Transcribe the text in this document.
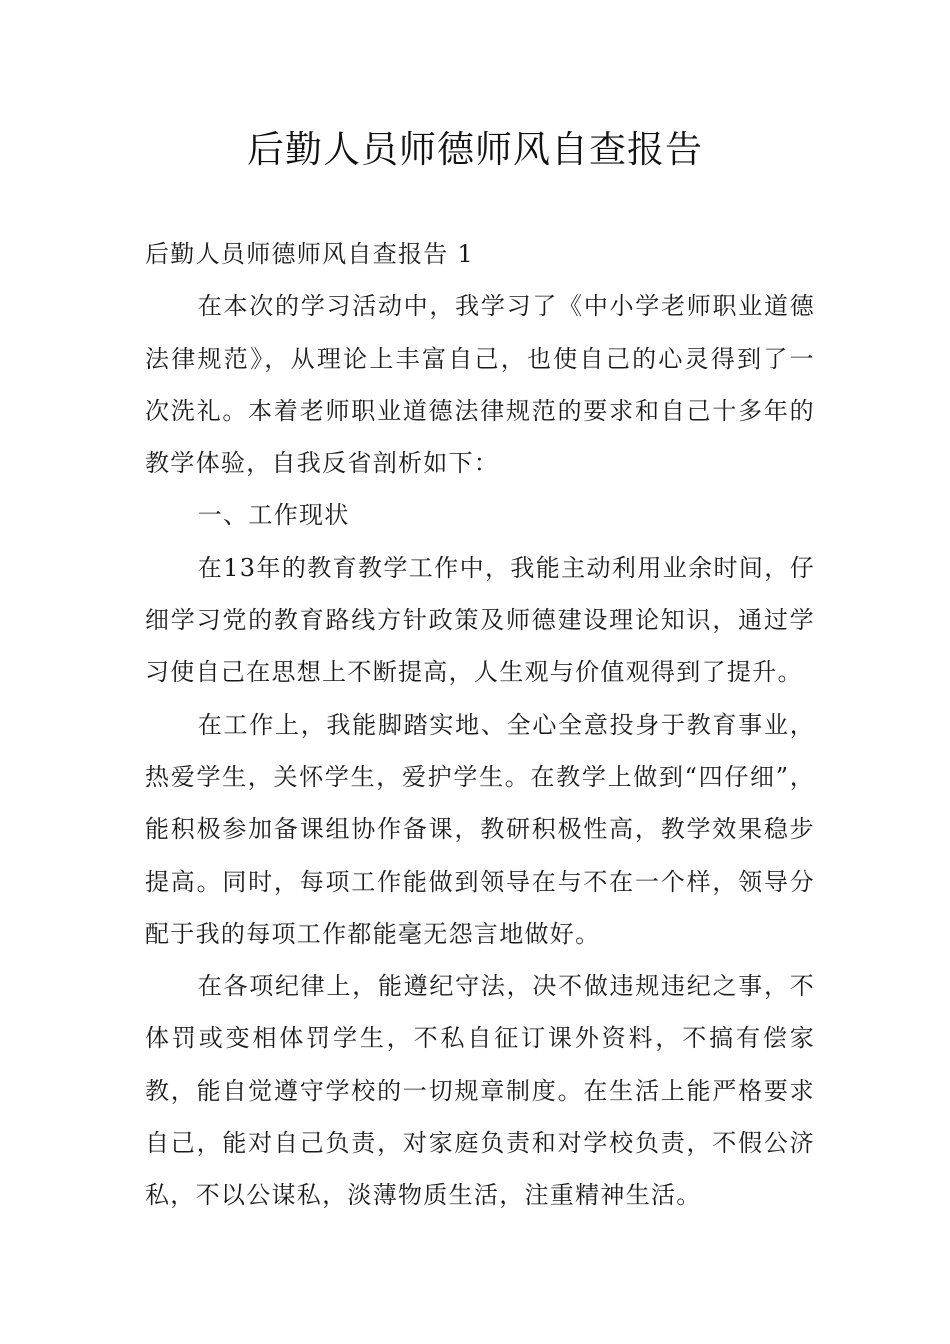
后勤人员师德师风自查报告

后勤人员师德师风自查报告 1

在本次的学习活动中，我学习了《中小学老师职业道德法律规范》，从理论上丰富自己，也使自己的心灵得到了一次洗礼。本着老师职业道德法律规范的要求和自己十多年的教学体验，自我反省剖析如下：

一、工作现状

在13年的教育教学工作中，我能主动利用业余时间，仔细学习党的教育路线方针政策及师德建设理论知识，通过学习使自己在思想上不断提高，人生观与价值观得到了提升。

在工作上，我能脚踏实地、全心全意投身于教育事业，热爱学生，关怀学生，爱护学生。在教学上做到“四仔细”，能积极参加备课组协作备课，教研积极性高，教学效果稳步提高。同时，每项工作能做到领导在与不在一个样，领导分配于我的每项工作都能毫无怨言地做好。

在各项纪律上，能遵纪守法，决不做违规违纪之事，不体罚或变相体罚学生，不私自征订课外资料，不搞有偿家教，能自觉遵守学校的一切规章制度。在生活上能严格要求自己，能对自己负责，对家庭负责和对学校负责，不假公济私，不以公谋私，淡薄物质生活，注重精神生活。
